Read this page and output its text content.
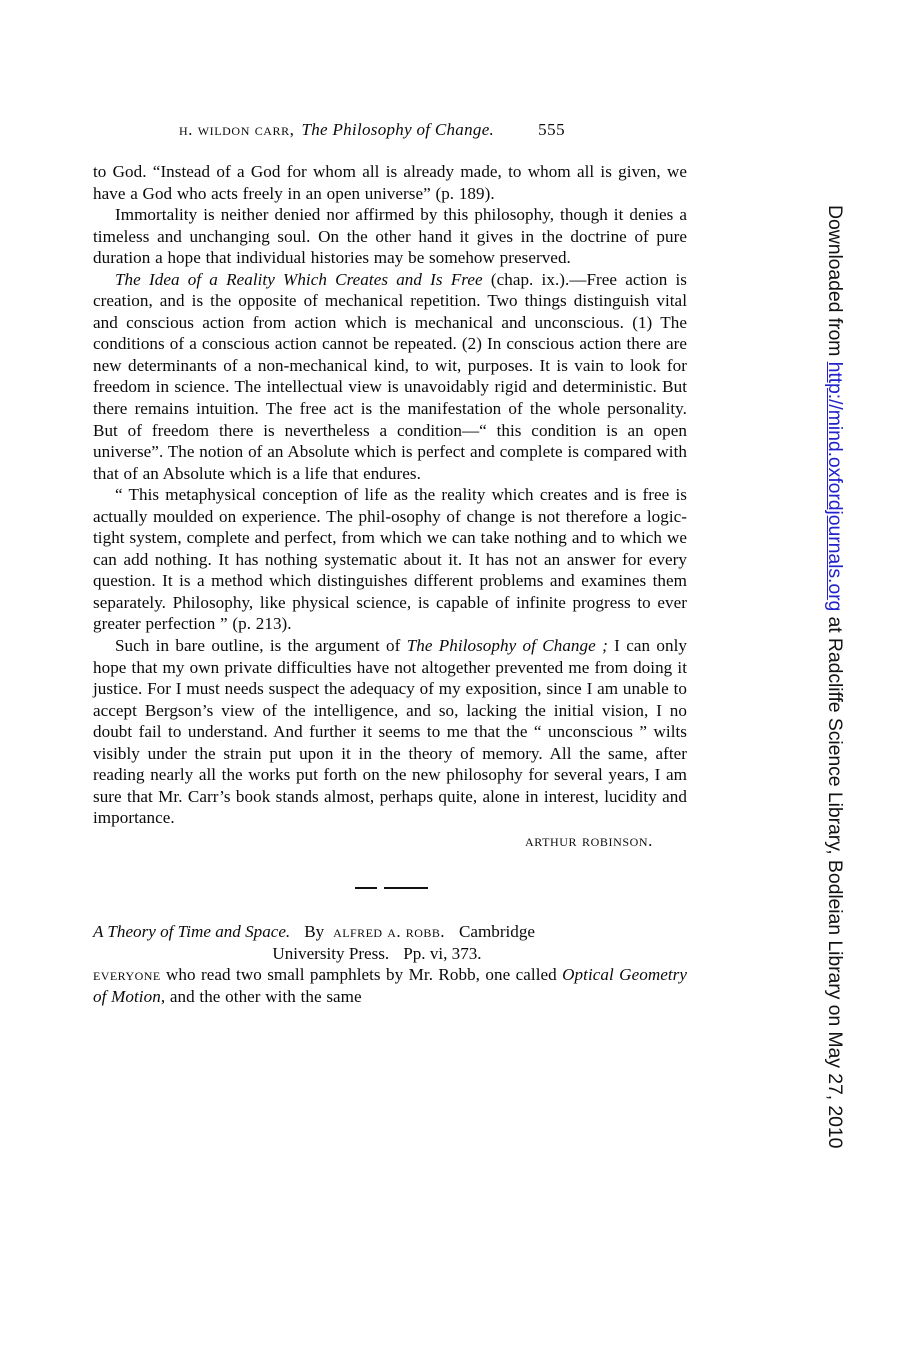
h. wildon carr, The Philosophy of Change.	555

to God. “Instead of a God for whom all is already made, to whom all is given, we have a God who acts freely in an open universe” (p. 189).

Immortality is neither denied nor affirmed by this philosophy, though it denies a timeless and unchanging soul. On the other hand it gives in the doctrine of pure duration a hope that individual histories may be somehow preserved.

The Idea of a Reality Which Creates and Is Free (chap. ix.).—Free action is creation, and is the opposite of mechanical repetition. Two things distinguish vital and conscious action from action which is mechanical and unconscious. (1) The conditions of a conscious action cannot be repeated. (2) In conscious action there are new determinants of a non-mechanical kind, to wit, purposes. It is vain to look for freedom in science. The intellectual view is unavoidably rigid and deterministic. But there remains intuition. The free act is the manifestation of the whole personality. But of freedom there is nevertheless a condition—“ this condition is an open universe”. The notion of an Absolute which is perfect and complete is compared with that of an Absolute which is a life that endures.

“ This metaphysical conception of life as the reality which creates and is free is actually moulded on experience. The phil-osophy of change is not therefore a logic-tight system, complete and perfect, from which we can take nothing and to which we can add nothing. It has nothing systematic about it. It has not an answer for every question. It is a method which distinguishes different problems and examines them separately. Philosophy, like physical science, is capable of infinite progress to ever greater perfection ” (p. 213).

Such in bare outline, is the argument of The Philosophy of Change ; I can only hope that my own private difficulties have not altogether prevented me from doing it justice. For I must needs suspect the adequacy of my exposition, since I am unable to accept Bergson’s view of the intelligence, and so, lacking the initial vision, I no doubt fail to understand. And further it seems to me that the “ unconscious ” wilts visibly under the strain put upon it in the theory of memory. All the same, after reading nearly all the works put forth on the new philosophy for several years, I am sure that Mr. Carr’s book stands almost, perhaps quite, alone in interest, lucidity and importance.

arthur robinson.
A Theory of Time and Space. By alfred a. robb. Cambridge
University Press. Pp. vi, 373.

everyone who read two small pamphlets by Mr. Robb, one called Optical Geometry of Motion, and the other with the same

Downloaded from http://mind.oxfordjournals.org at Radcliffe Science Library, Bodleian Library on May 27, 2010
